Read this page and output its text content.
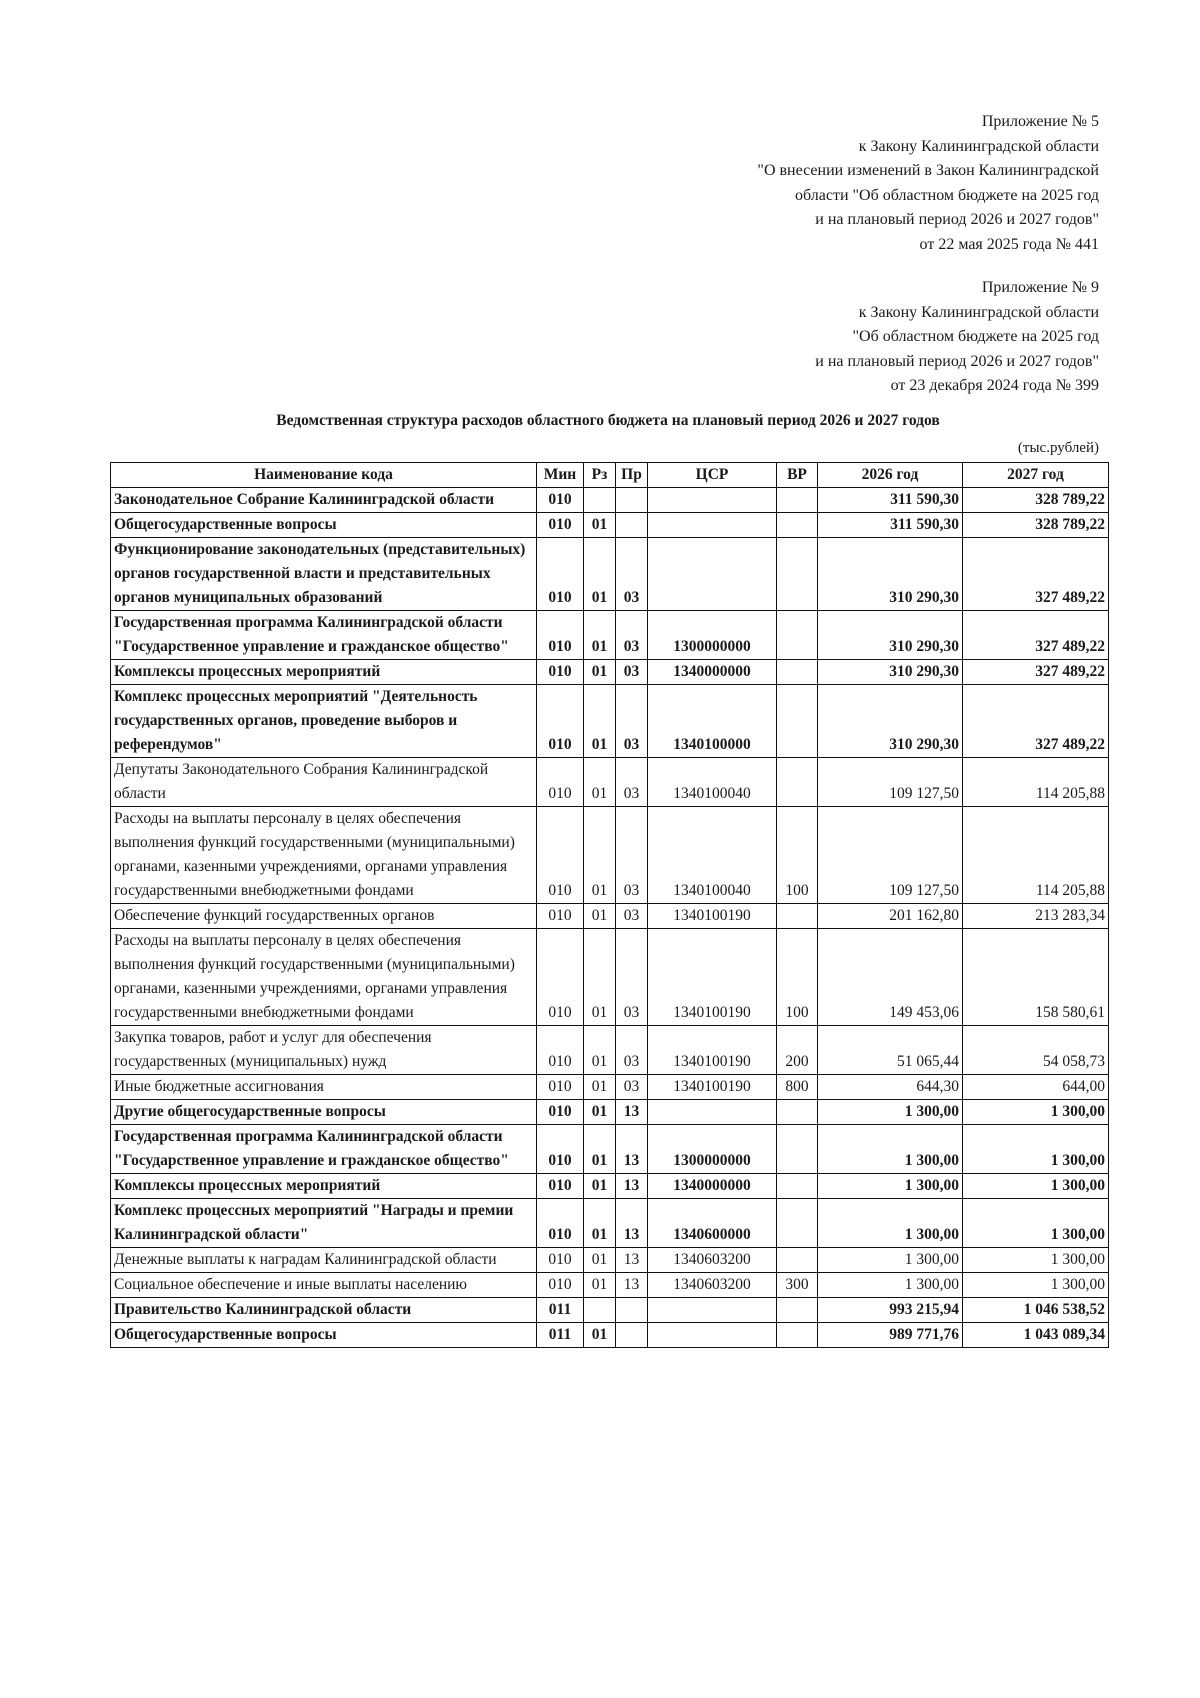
Приложение № 5
к Закону Калининградской области
"О внесении изменений в Закон Калининградской
области "Об областном бюджете на 2025 год
и на плановый период 2026 и 2027 годов"
от 22 мая 2025 года № 441
Приложение № 9
к Закону Калининградской области
"Об областном бюджете на 2025 год
и на плановый период 2026 и 2027 годов"
от 23 декабря 2024 года № 399
Ведомственная структура расходов областного бюджета на плановый период 2026 и 2027 годов
(тыс.рублей)
Наименование кода	Мин	Рз	Пр	ЦСР	ВР	2026 год	2027 год
Законодательное Собрание Калининградской области	010					311 590,30	328 789,22
Общегосударственные вопросы	010	01				311 590,30	328 789,22
Функционирование законодательных (представительных) органов государственной власти и представительных органов муниципальных образований	010	01	03			310 290,30	327 489,22
Государственная программа Калининградской области "Государственное управление и гражданское общество"	010	01	03	1300000000		310 290,30	327 489,22
Комплексы процессных мероприятий	010	01	03	1340000000		310 290,30	327 489,22
Комплекс процессных мероприятий "Деятельность государственных органов, проведение выборов и референдумов"	010	01	03	1340100000		310 290,30	327 489,22
Депутаты Законодательного Собрания Калининградской области	010	01	03	1340100040		109 127,50	114 205,88
Расходы на выплаты персоналу в целях обеспечения выполнения функций государственными (муниципальными) органами, казенными учреждениями, органами управления государственными внебюджетными фондами	010	01	03	1340100040	100	109 127,50	114 205,88
Обеспечение функций государственных органов	010	01	03	1340100190		201 162,80	213 283,34
Расходы на выплаты персоналу в целях обеспечения выполнения функций государственными (муниципальными) органами, казенными учреждениями, органами управления государственными внебюджетными фондами	010	01	03	1340100190	100	149 453,06	158 580,61
Закупка товаров, работ и услуг для обеспечения государственных (муниципальных) нужд	010	01	03	1340100190	200	51 065,44	54 058,73
Иные бюджетные ассигнования	010	01	03	1340100190	800	644,30	644,00
Другие общегосударственные вопросы	010	01	13			1 300,00	1 300,00
Государственная программа Калининградской области "Государственное управление и гражданское общество"	010	01	13	1300000000		1 300,00	1 300,00
Комплексы процессных мероприятий	010	01	13	1340000000		1 300,00	1 300,00
Комплекс процессных мероприятий "Награды и премии Калининградской области"	010	01	13	1340600000		1 300,00	1 300,00
Денежные выплаты к наградам Калининградской области	010	01	13	1340603200		1 300,00	1 300,00
Социальное обеспечение и иные выплаты населению	010	01	13	1340603200	300	1 300,00	1 300,00
Правительство Калининградской области	011					993 215,94	1 046 538,52
Общегосударственные вопросы	011	01				989 771,76	1 043 089,34
